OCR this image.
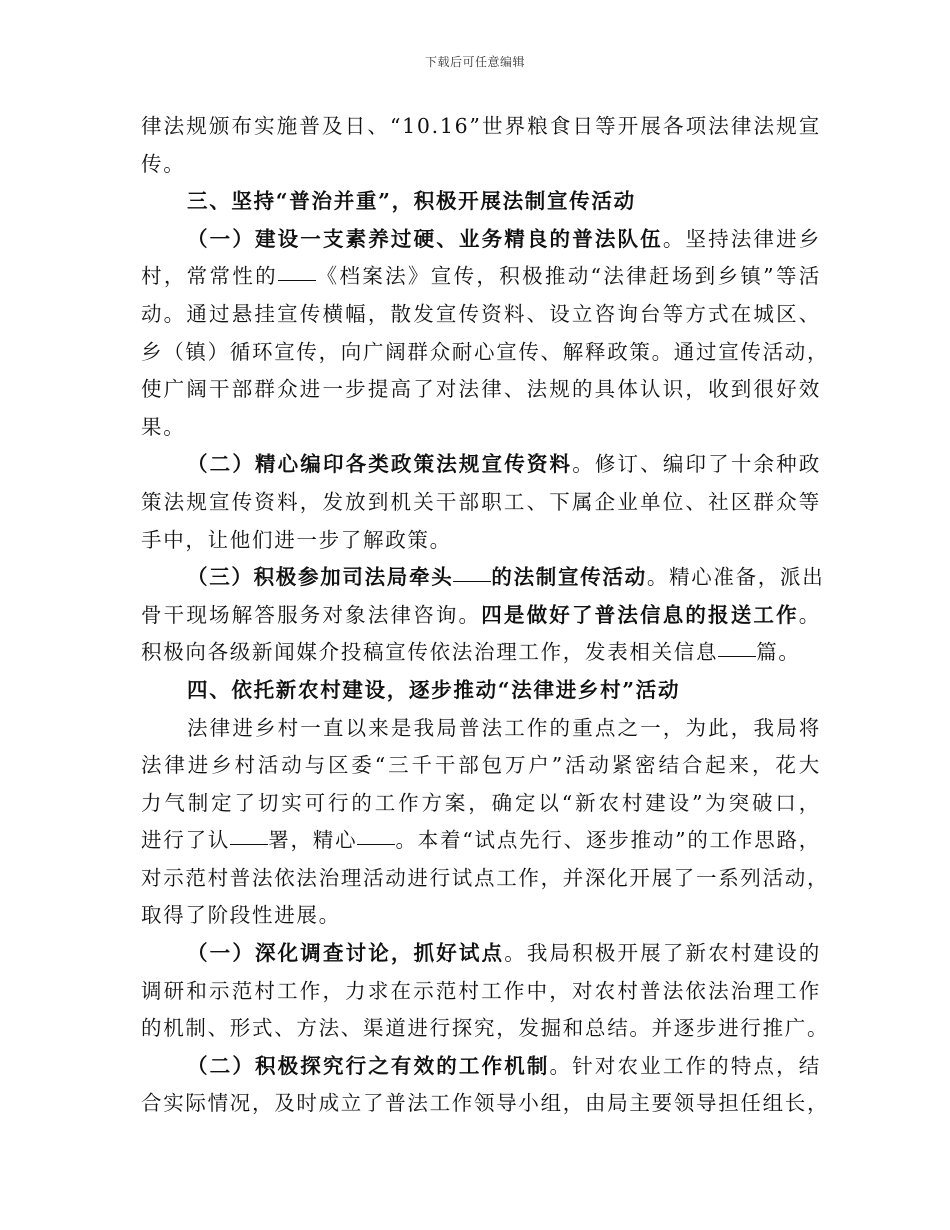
下载后可任意编辑
律法规颁布实施普及日、“10.16”世界粮食日等开展各项法律法规宣
传。
三、坚持“普治并重”，积极开展法制宣传活动
（一）建设一支素养过硬、业务精良的普法队伍。坚持法律进乡
村，常常性的 《档案法》宣传，积极推动“法律赶场到乡镇”等活
动。通过悬挂宣传横幅，散发宣传资料、设立咨询台等方式在城区、
乡（镇）循环宣传，向广阔群众耐心宣传、解释政策。通过宣传活动，
使广阔干部群众进一步提高了对法律、法规的具体认识，收到很好效
果。
（二）精心编印各类政策法规宣传资料。修订、编印了十余种政
策法规宣传资料，发放到机关干部职工、下属企业单位、社区群众等
手中，让他们进一步了解政策。
（三）积极参加司法局牵头 的法制宣传活动。精心准备，派出
骨干现场解答服务对象法律咨询。四是做好了普法信息的报送工作。
积极向各级新闻媒介投稿宣传依法治理工作，发表相关信息 篇。
四、依托新农村建设，逐步推动“法律进乡村”活动
法律进乡村一直以来是我局普法工作的重点之一，为此，我局将
法律进乡村活动与区委“三千干部包万户”活动紧密结合起来，花大
力气制定了切实可行的工作方案，确定以“新农村建设”为突破口，
进行了认 署，精心 。本着“试点先行、逐步推动”的工作思路，
对示范村普法依法治理活动进行试点工作，并深化开展了一系列活动，
取得了阶段性进展。
（一）深化调查讨论，抓好试点。我局积极开展了新农村建设的
调研和示范村工作，力求在示范村工作中，对农村普法依法治理工作
的机制、形式、方法、渠道进行探究，发掘和总结。并逐步进行推广。
（二）积极探究行之有效的工作机制。针对农业工作的特点，结
合实际情况，及时成立了普法工作领导小组，由局主要领导担任组长，
